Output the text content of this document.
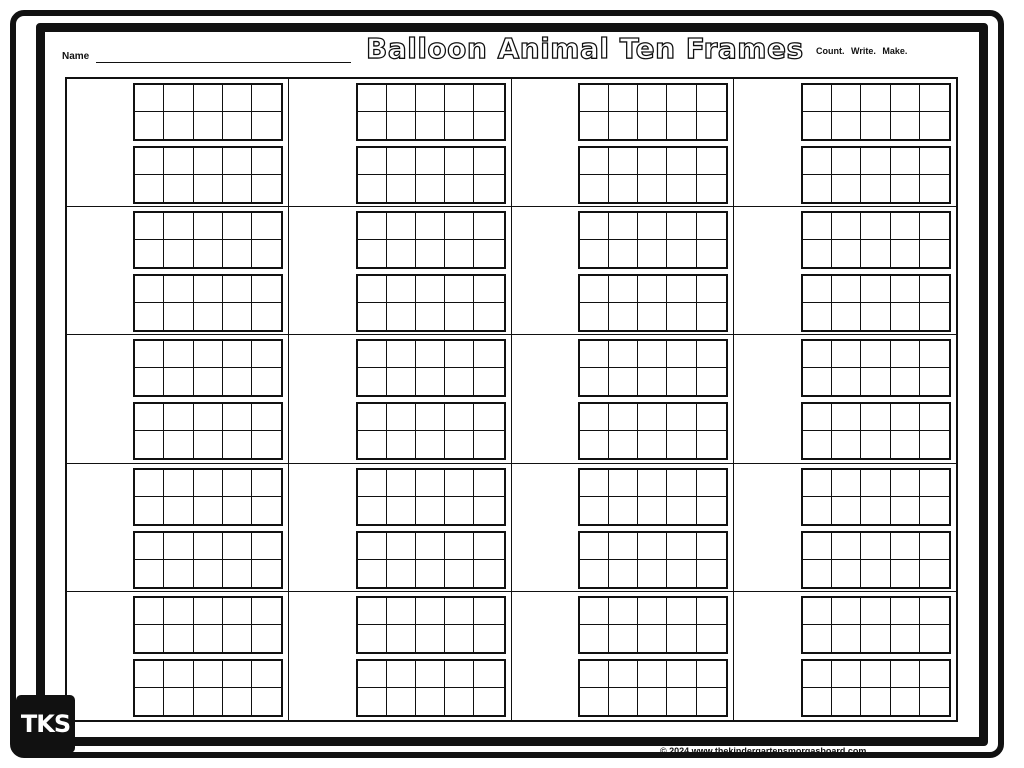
Name	Balloon Animal Ten Frames Count. Write. Make.
TKS
© 2024 www.thekindergartensmorgasboard.com
